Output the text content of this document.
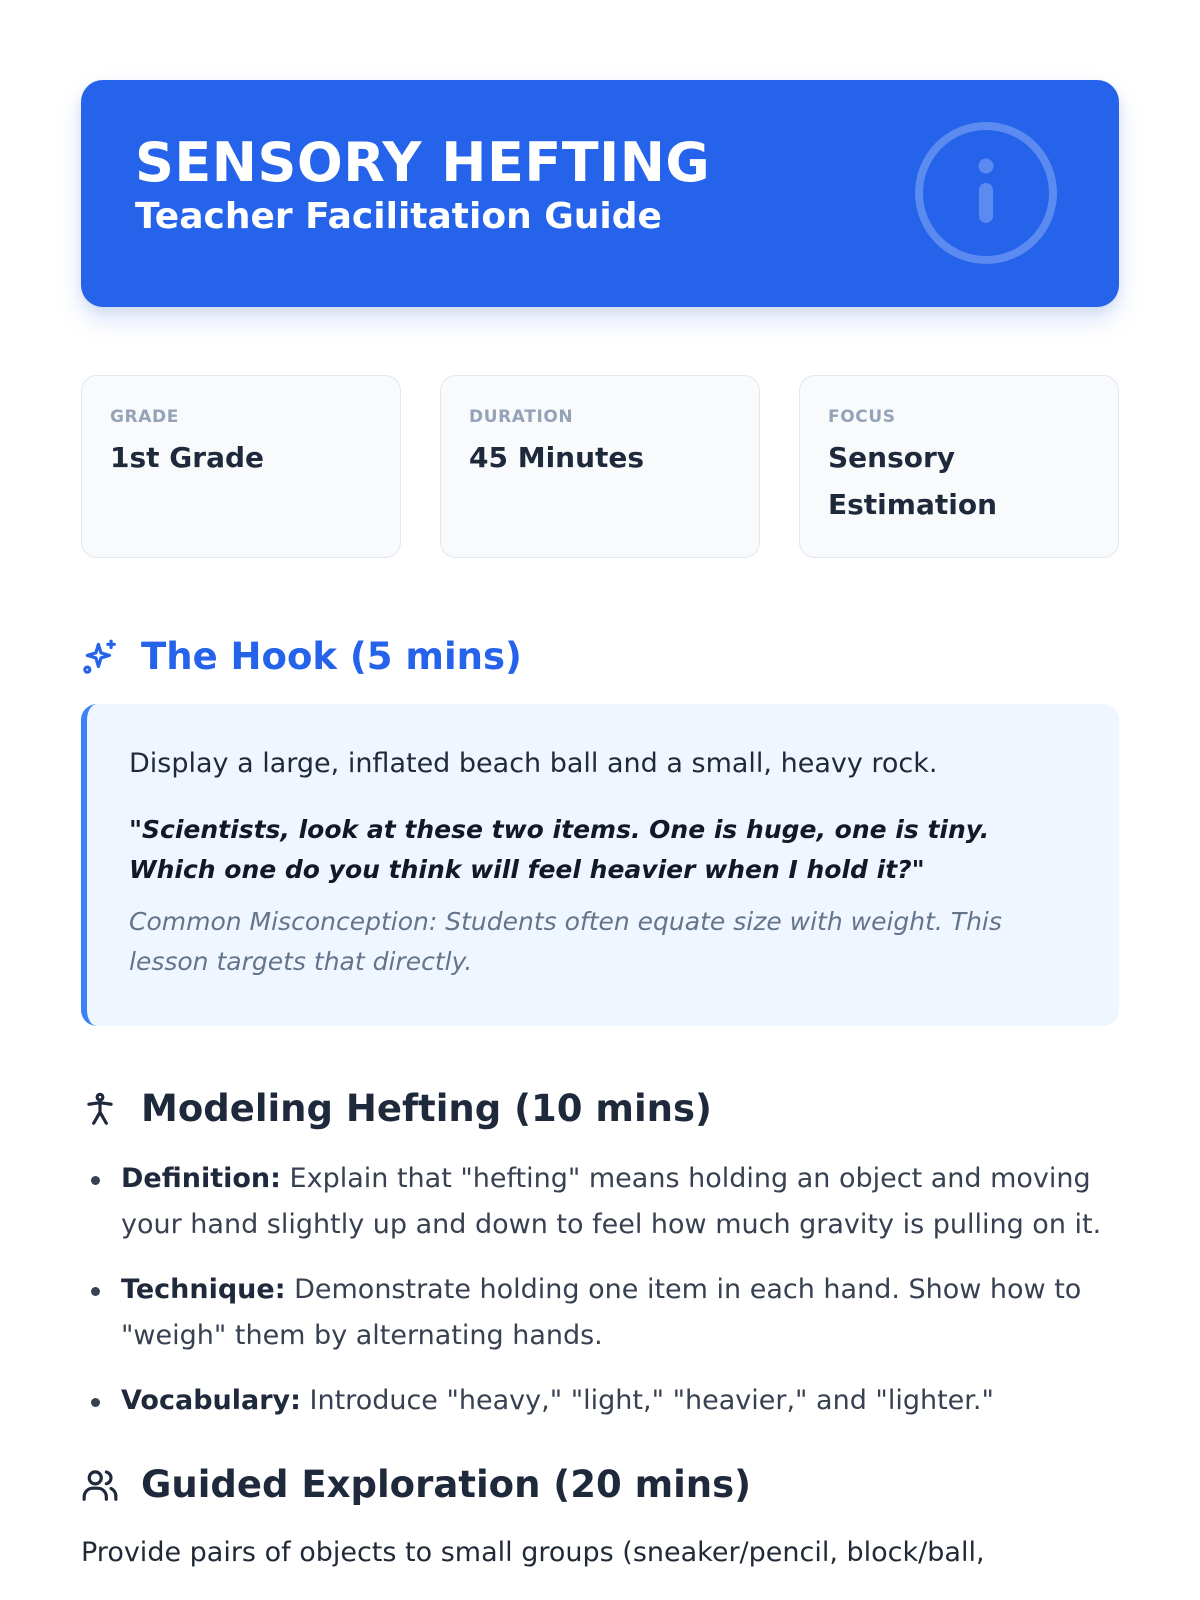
SENSORY HEFTING
Teacher Facilitation Guide
GRADE
1st Grade
DURATION
45 Minutes
FOCUS
Sensory Estimation
The Hook (5 mins)
Display a large, inflated beach ball and a small, heavy rock.
"Scientists, look at these two items. One is huge, one is tiny. Which one do you think will feel heavier when I hold it?"
Common Misconception: Students often equate size with weight. This lesson targets that directly.
Modeling Hefting (10 mins)
Definition: Explain that "hefting" means holding an object and moving your hand slightly up and down to feel how much gravity is pulling on it.
Technique: Demonstrate holding one item in each hand. Show how to "weigh" them by alternating hands.
Vocabulary: Introduce "heavy," "light," "heavier," and "lighter."
Guided Exploration (20 mins)
Provide pairs of objects to small groups (sneaker/pencil, block/ball,
